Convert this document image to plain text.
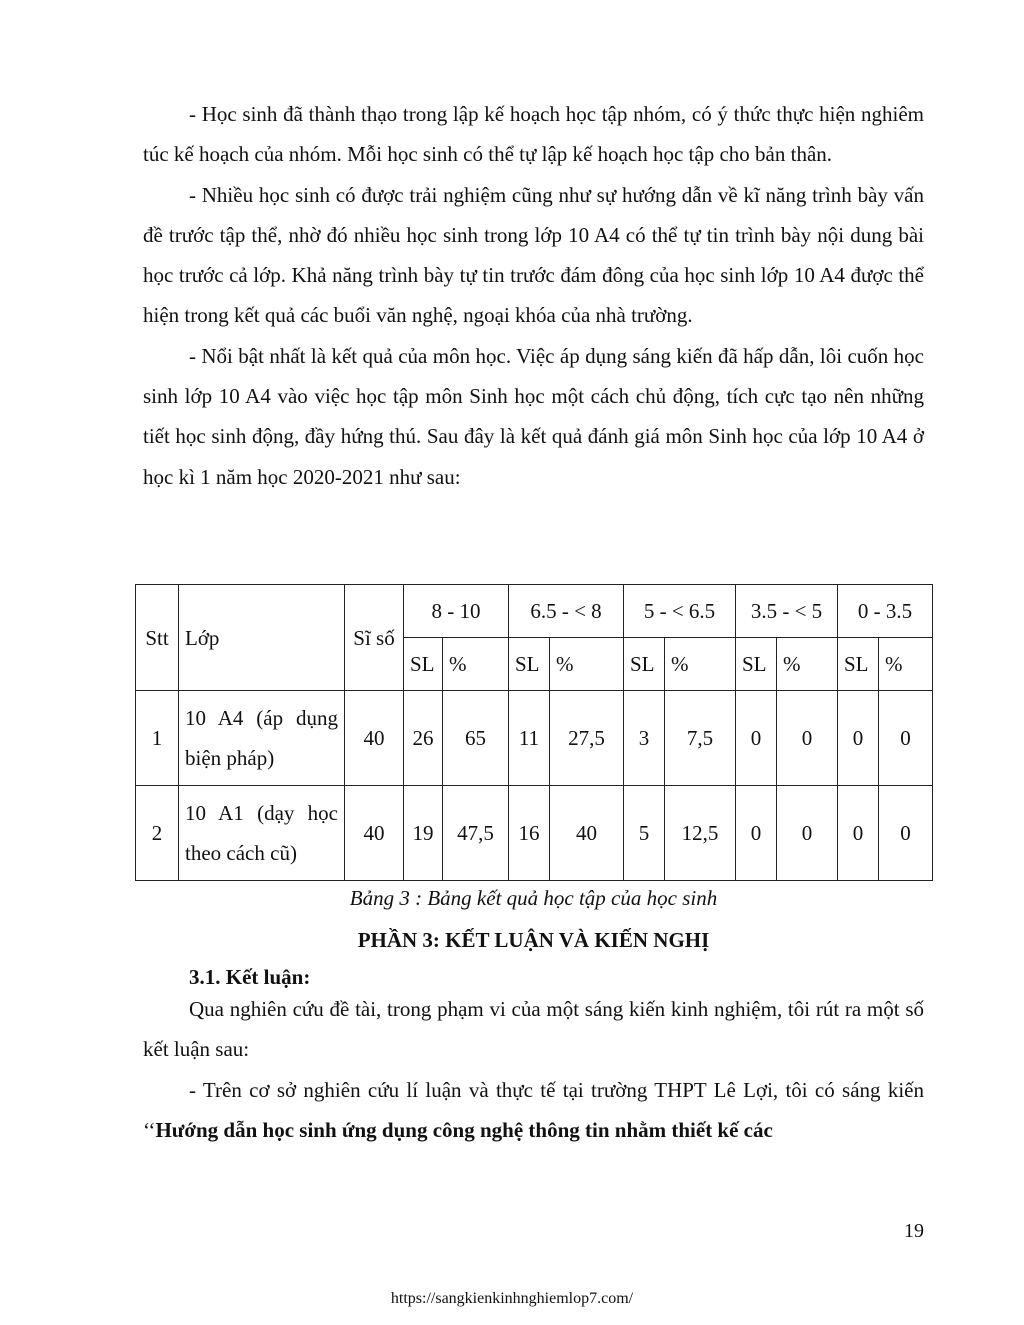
- Học sinh đã thành thạo trong lập kế hoạch học tập nhóm, có ý thức thực hiện nghiêm túc kế hoạch của nhóm. Mỗi học sinh có thể tự lập kế hoạch học tập cho bản thân.

- Nhiều học sinh có được trải nghiệm cũng như sự hướng dẫn về kĩ năng trình bày vấn đề trước tập thể, nhờ đó nhiều học sinh trong lớp 10 A4 có thể tự tin trình bày nội dung bài học trước cả lớp. Khả năng trình bày tự tin trước đám đông của học sinh lớp 10 A4 được thể hiện trong kết quả các buổi văn nghệ, ngoại khóa của nhà trường.

- Nổi bật nhất là kết quả của môn học. Việc áp dụng sáng kiến đã hấp dẫn, lôi cuốn học sinh lớp 10 A4 vào việc học tập môn Sinh học một cách chủ động, tích cực tạo nên những tiết học sinh động, đầy hứng thú. Sau đây là kết quả đánh giá môn Sinh học của lớp 10 A4 ở học kì 1 năm học 2020-2021 như sau:

Stt	Lớp	Sĩ số	8 - 10		6.5 - < 8		5 - < 6.5		3.5 - < 5		0 - 3.5	
			SL	%	SL	%	SL	%	SL	%	SL	%
1	10 A4 (áp dụng biện pháp)	40	26	65	11	27,5	3	7,5	0	0	0	0
2	10 A1 (dạy học theo cách cũ)	40	19	47,5	16	40	5	12,5	0	0	0	0
Bảng 3 : Bảng kết quả học tập của học sinh
PHẦN 3: KẾT LUẬN VÀ KIẾN NGHỊ
3.1. Kết luận:

Qua nghiên cứu đề tài, trong phạm vi của một sáng kiến kinh nghiệm, tôi rút ra một số kết luận sau:

- Trên cơ sở nghiên cứu lí luận và thực tế tại trường THPT Lê Lợi, tôi có sáng kiến ‘‘Hướng dẫn học sinh ứng dụng công nghệ thông tin nhằm thiết kế các

19
https://sangkienkinhnghiemlop7.com/
